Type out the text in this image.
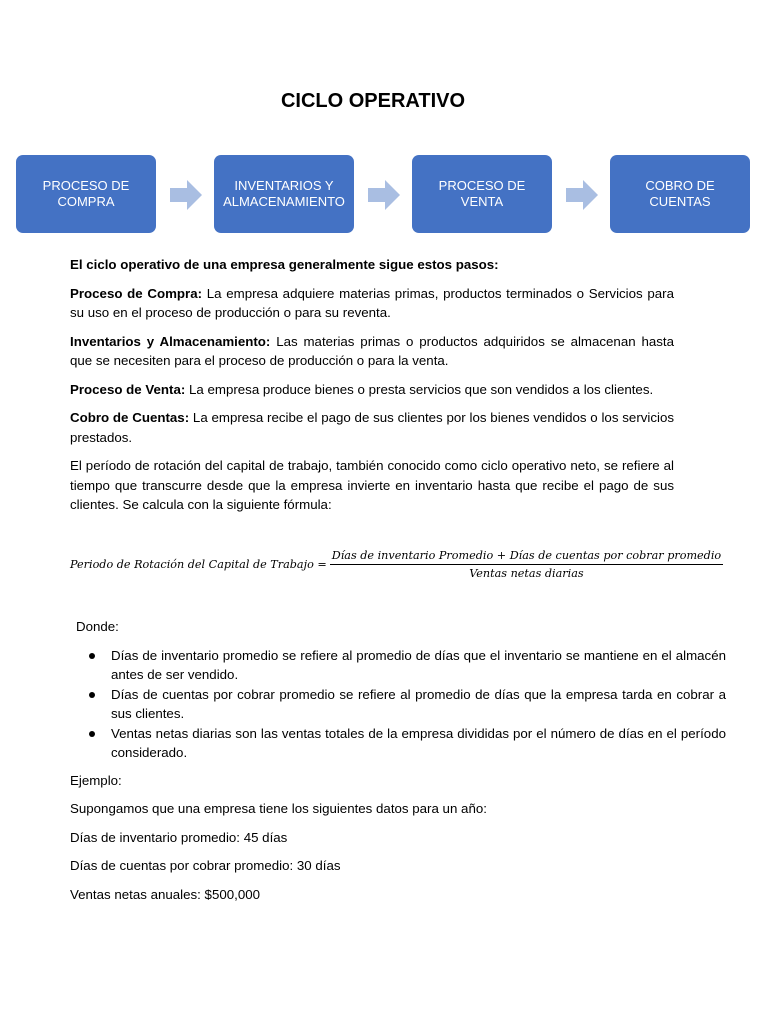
CICLO OPERATIVO
PROCESO DE COMPRA
INVENTARIOS Y ALMACENAMIENTO
PROCESO DE VENTA
COBRO DE CUENTAS

El ciclo operativo de una empresa generalmente sigue estos pasos:

Proceso de Compra: La empresa adquiere materias primas, productos terminados o Servicios para su uso en el proceso de producción o para su reventa.

Inventarios y Almacenamiento: Las materias primas o productos adquiridos se almacenan hasta que se necesiten para el proceso de producción o para la venta.

Proceso de Venta: La empresa produce bienes o presta servicios que son vendidos a los clientes.

Cobro de Cuentas: La empresa recibe el pago de sus clientes por los bienes vendidos o los servicios prestados.

El período de rotación del capital de trabajo, también conocido como ciclo operativo neto, se refiere al tiempo que transcurre desde que la empresa invierte en inventario hasta que recibe el pago de sus clientes. Se calcula con la siguiente fórmula:

Periodo de Rotación del Capital de Trabajo =
Días de inventario Promedio + Días de cuentas por cobrar promedio
Ventas netas diarias

Donde:

Días de inventario promedio se refiere al promedio de días que el inventario se mantiene en el almacén antes de ser vendido.
Días de cuentas por cobrar promedio se refiere al promedio de días que la empresa tarda en cobrar a sus clientes.
Ventas netas diarias son las ventas totales de la empresa divididas por el número de días en el período considerado.

Ejemplo:

Supongamos que una empresa tiene los siguientes datos para un año:

Días de inventario promedio: 45 días

Días de cuentas por cobrar promedio: 30 días

Ventas netas anuales: $500,000
